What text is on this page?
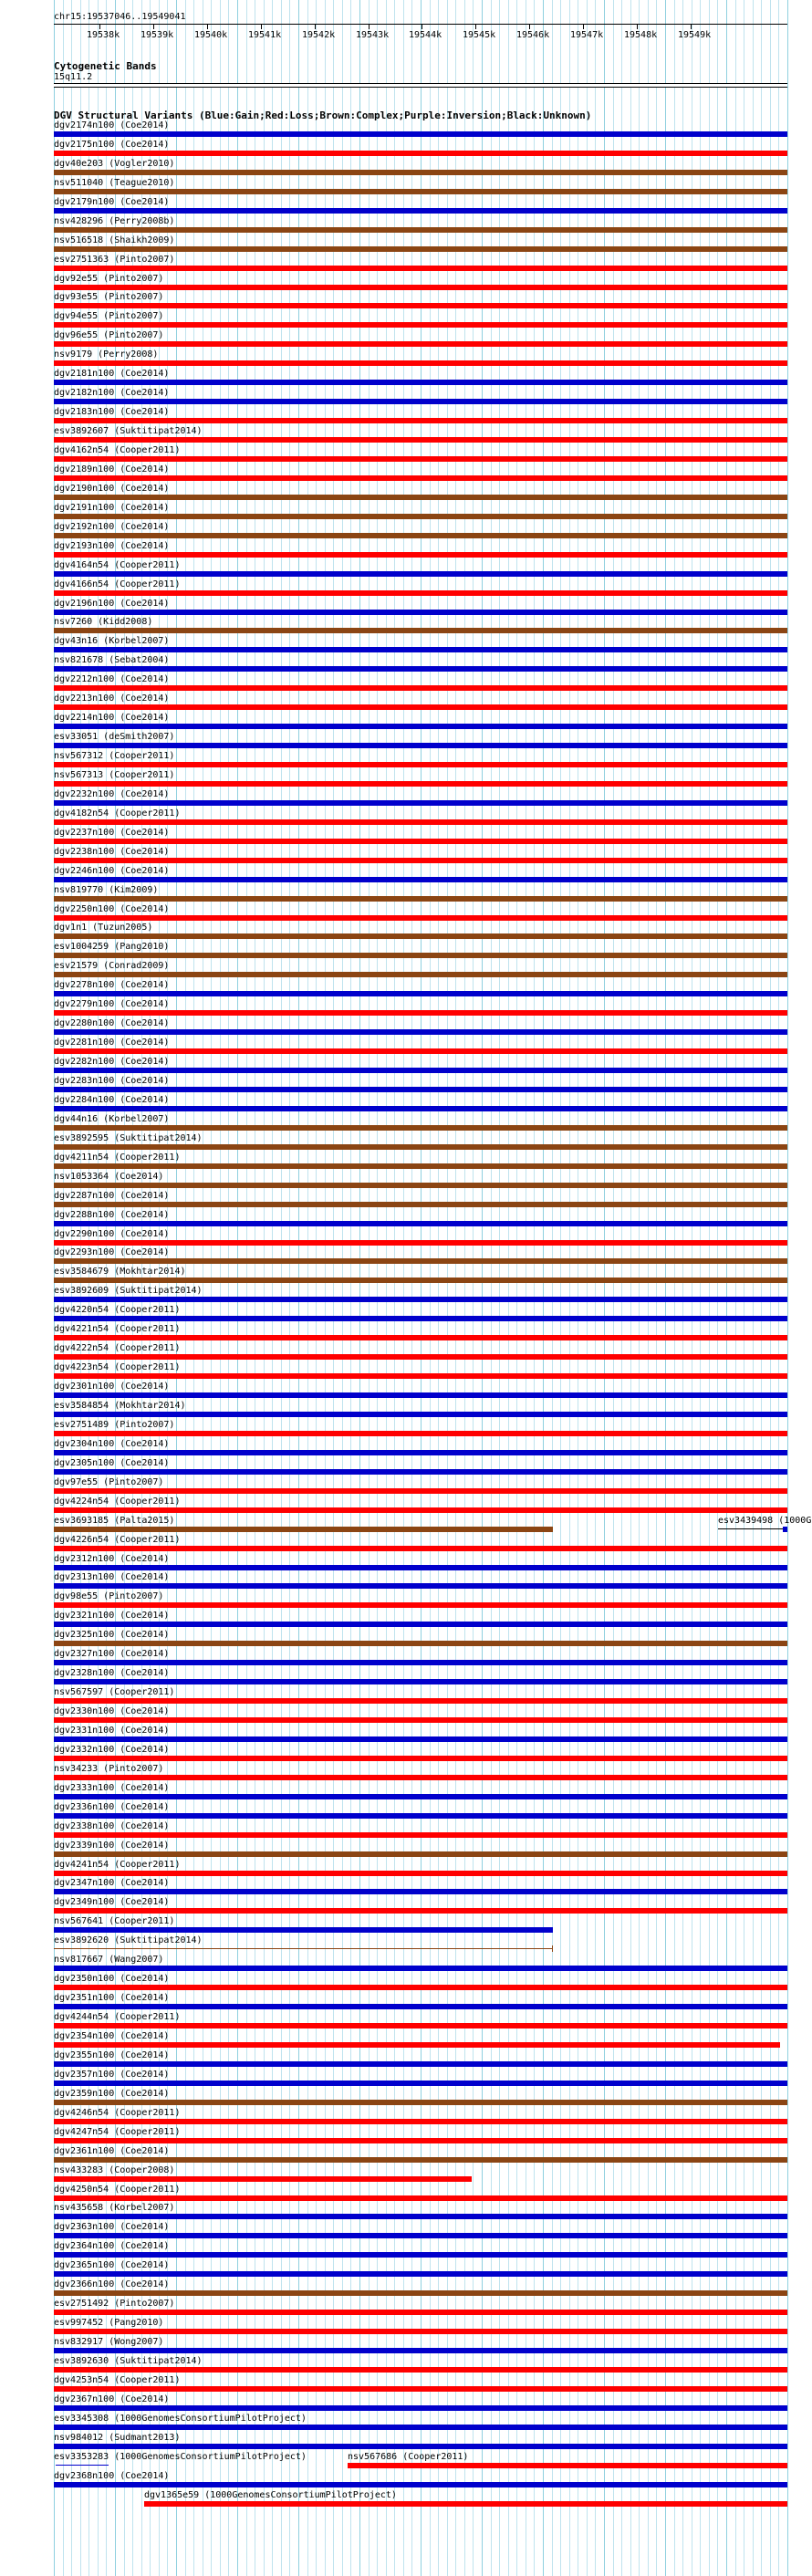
chr15:19537046..19549041
19538k 19539k 19540k 19541k 19542k 19543k 19544k 19545k 19546k 19547k 19548k 19549k
Cytogenetic Bands
15q11.2
DGV Structural Variants (Blue:Gain;Red:Loss;Brown:Complex;Purple:Inversion;Black:Unknown)
dgv2174n100 (Coe2014)
dgv2175n100 (Coe2014)
dgv40e203 (Vogler2010)
nsv511040 (Teague2010)
dgv2179n100 (Coe2014)
nsv428296 (Perry2008b)
nsv516518 (Shaikh2009)
esv2751363 (Pinto2007)
dgv92e55 (Pinto2007)
dgv93e55 (Pinto2007)
dgv94e55 (Pinto2007)
dgv96e55 (Pinto2007)
nsv9179 (Perry2008)
dgv2181n100 (Coe2014)
dgv2182n100 (Coe2014)
dgv2183n100 (Coe2014)
esv3892607 (Suktitipat2014)
dgv4162n54 (Cooper2011)
dgv2189n100 (Coe2014)
dgv2190n100 (Coe2014)
dgv2191n100 (Coe2014)
dgv2192n100 (Coe2014)
dgv2193n100 (Coe2014)
dgv4164n54 (Cooper2011)
dgv4166n54 (Cooper2011)
dgv2196n100 (Coe2014)
nsv7260 (Kidd2008)
dgv43n16 (Korbel2007)
nsv821678 (Sebat2004)
dgv2212n100 (Coe2014)
dgv2213n100 (Coe2014)
dgv2214n100 (Coe2014)
esv33051 (deSmith2007)
nsv567312 (Cooper2011)
nsv567313 (Cooper2011)
dgv2232n100 (Coe2014)
dgv4182n54 (Cooper2011)
dgv2237n100 (Coe2014)
dgv2238n100 (Coe2014)
dgv2246n100 (Coe2014)
nsv819770 (Kim2009)
dgv2250n100 (Coe2014)
dgv1n1 (Tuzun2005)
esv1004259 (Pang2010)
esv21579 (Conrad2009)
dgv2278n100 (Coe2014)
dgv2279n100 (Coe2014)
dgv2280n100 (Coe2014)
dgv2281n100 (Coe2014)
dgv2282n100 (Coe2014)
dgv2283n100 (Coe2014)
dgv2284n100 (Coe2014)
dgv44n16 (Korbel2007)
esv3892595 (Suktitipat2014)
dgv4211n54 (Cooper2011)
nsv1053364 (Coe2014)
dgv2287n100 (Coe2014)
dgv2288n100 (Coe2014)
dgv2290n100 (Coe2014)
dgv2293n100 (Coe2014)
esv3584679 (Mokhtar2014)
esv3892609 (Suktitipat2014)
dgv4220n54 (Cooper2011)
dgv4221n54 (Cooper2011)
dgv4222n54 (Cooper2011)
dgv4223n54 (Cooper2011)
dgv2301n100 (Coe2014)
esv3584854 (Mokhtar2014)
esv2751489 (Pinto2007)
dgv2304n100 (Coe2014)
dgv2305n100 (Coe2014)
dgv97e55 (Pinto2007)
dgv4224n54 (Cooper2011)
esv3693185 (Palta2015)
dgv4226n54 (Cooper2011)
dgv2312n100 (Coe2014)
dgv2313n100 (Coe2014)
dgv98e55 (Pinto2007)
dgv2321n100 (Coe2014)
dgv2325n100 (Coe2014)
dgv2327n100 (Coe2014)
dgv2328n100 (Coe2014)
nsv567597 (Cooper2011)
dgv2330n100 (Coe2014)
dgv2331n100 (Coe2014)
dgv2332n100 (Coe2014)
nsv34233 (Pinto2007)
dgv2333n100 (Coe2014)
dgv2336n100 (Coe2014)
dgv2338n100 (Coe2014)
dgv2339n100 (Coe2014)
dgv4241n54 (Cooper2011)
dgv2347n100 (Coe2014)
dgv2349n100 (Coe2014)
nsv567641 (Cooper2011)
esv3892620 (Suktitipat2014)
nsv817667 (Wang2007)
dgv2350n100 (Coe2014)
dgv2351n100 (Coe2014)
dgv4244n54 (Cooper2011)
dgv2354n100 (Coe2014)
dgv2355n100 (Coe2014)
dgv2357n100 (Coe2014)
dgv2359n100 (Coe2014)
dgv4246n54 (Cooper2011)
dgv4247n54 (Cooper2011)
dgv2361n100 (Coe2014)
nsv433283 (Cooper2008)
dgv4250n54 (Cooper2011)
nsv435658 (Korbel2007)
dgv2363n100 (Coe2014)
dgv2364n100 (Coe2014)
dgv2365n100 (Coe2014)
dgv2366n100 (Coe2014)
esv2751492 (Pinto2007)
esv997452 (Pang2010)
nsv832917 (Wong2007)
esv3892630 (Suktitipat2014)
dgv4253n54 (Cooper2011)
dgv2367n100 (Coe2014)
esv3345308 (1000GenomesConsortiumPilotProject)
nsv984012 (Sudmant2013)
esv3439498 (1000G
esv3353283 (1000GenomesConsortiumPilotProject)	nsv567686 (Cooper2011)
dgv2368n100 (Coe2014)
dgv1365e59 (1000GenomesConsortiumPilotProject)
